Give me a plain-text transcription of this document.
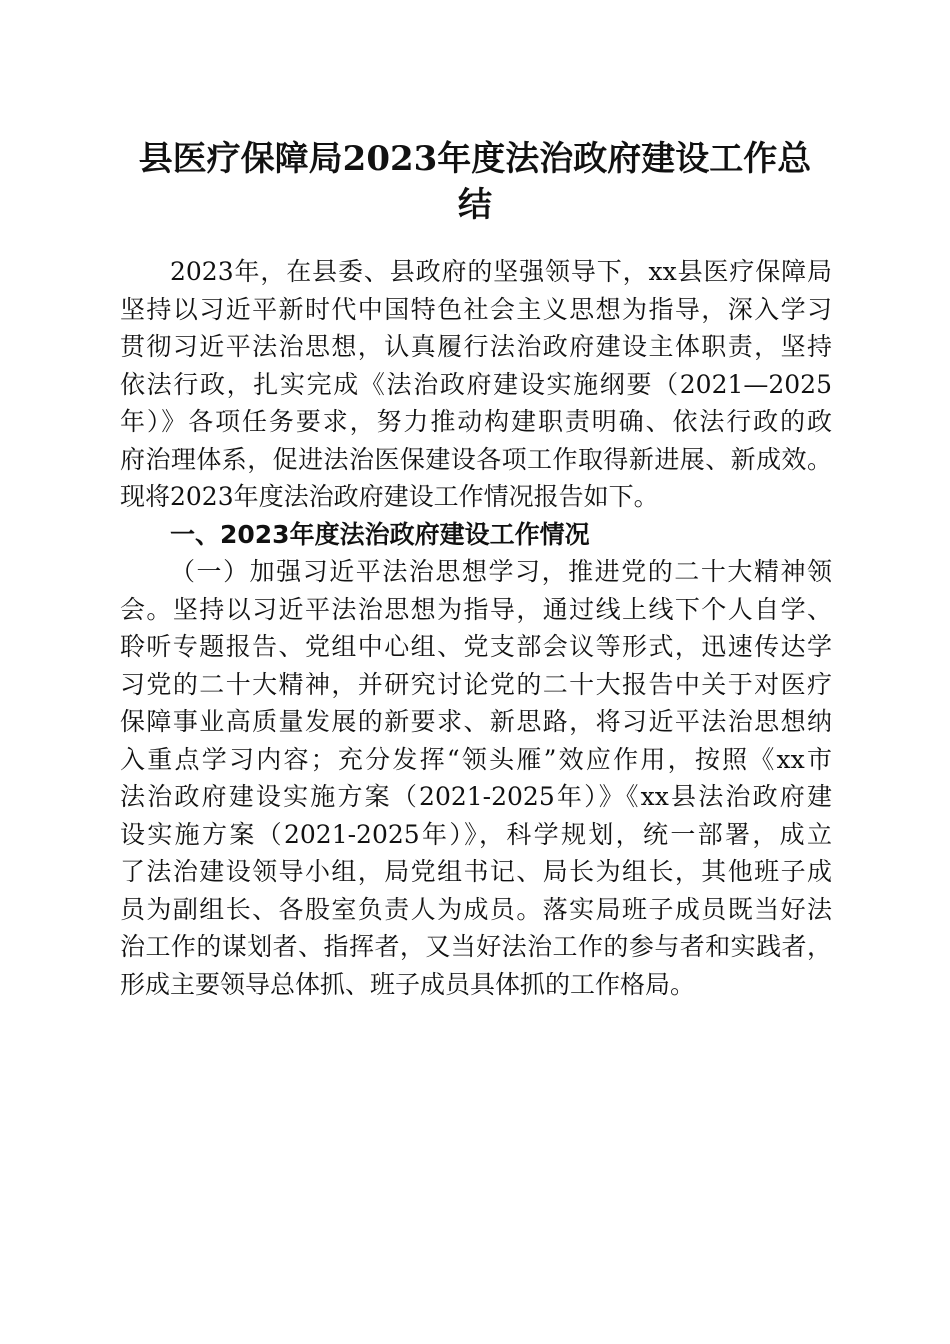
县医疗保障局2023年度法治政府建设工作总
结
2023年，在县委、县政府的坚强领导下，xx县医疗保障局
坚持以习近平新时代中国特色社会主义思想为指导，深入学习
贯彻习近平法治思想，认真履行法治政府建设主体职责，坚持
依法行政，扎实完成《法治政府建设实施纲要（2021—2025
年）》各项任务要求，努力推动构建职责明确、依法行政的政
府治理体系，促进法治医保建设各项工作取得新进展、新成效。
现将2023年度法治政府建设工作情况报告如下。
一、2023年度法治政府建设工作情况
（一）加强习近平法治思想学习，推进党的二十大精神领
会。坚持以习近平法治思想为指导，通过线上线下个人自学、
聆听专题报告、党组中心组、党支部会议等形式，迅速传达学
习党的二十大精神，并研究讨论党的二十大报告中关于对医疗
保障事业高质量发展的新要求、新思路，将习近平法治思想纳
入重点学习内容；充分发挥“领头雁”效应作用，按照《xx市
法治政府建设实施方案（2021-2025年）》《xx县法治政府建
设实施方案（2021-2025年）》，科学规划，统一部署，成立
了法治建设领导小组，局党组书记、局长为组长，其他班子成
员为副组长、各股室负责人为成员。落实局班子成员既当好法
治工作的谋划者、指挥者，又当好法治工作的参与者和实践者，
形成主要领导总体抓、班子成员具体抓的工作格局。
